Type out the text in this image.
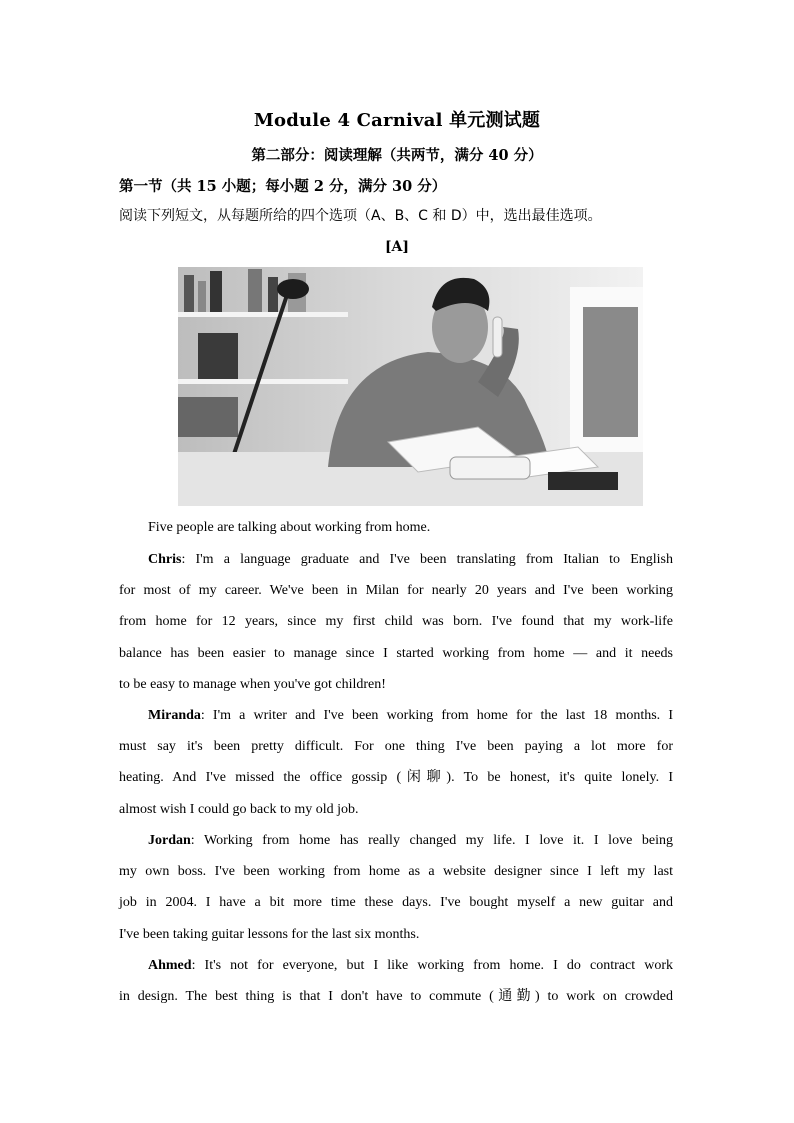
Module 4 Carnival 单元测试题
第二部分：阅读理解（共两节，满分 40 分）
第一节（共 15 小题；每小题 2 分，满分 30 分）
阅读下列短文，从每题所给的四个选项（A、B、C 和 D）中，选出最佳选项。
[A]
Five people are talking about working from home.
Chris: I'm a language graduate and I've been translating from Italian to English
for most of my career. We've been in Milan for nearly 20 years and I've been working
from home for 12 years, since my first child was born. I've found that my work-life
balance has been easier to manage since I started working from home — and it needs
to be easy to manage when you've got children!
Miranda: I'm a writer and I've been working from home for the last 18 months. I
must say it's been pretty difficult. For one thing I've been paying a lot more for
heating. And I've missed the office gossip (闲聊). To be honest, it's quite lonely. I
almost wish I could go back to my old job.
Jordan: Working from home has really changed my life. I love it. I love being
my own boss. I've been working from home as a website designer since I left my last
job in 2004. I have a bit more time these days. I've bought myself a new guitar and
I've been taking guitar lessons for the last six months.
Ahmed: It's not for everyone, but I like working from home. I do contract work
in design. The best thing is that I don't have to commute (通勤) to work on crowded
